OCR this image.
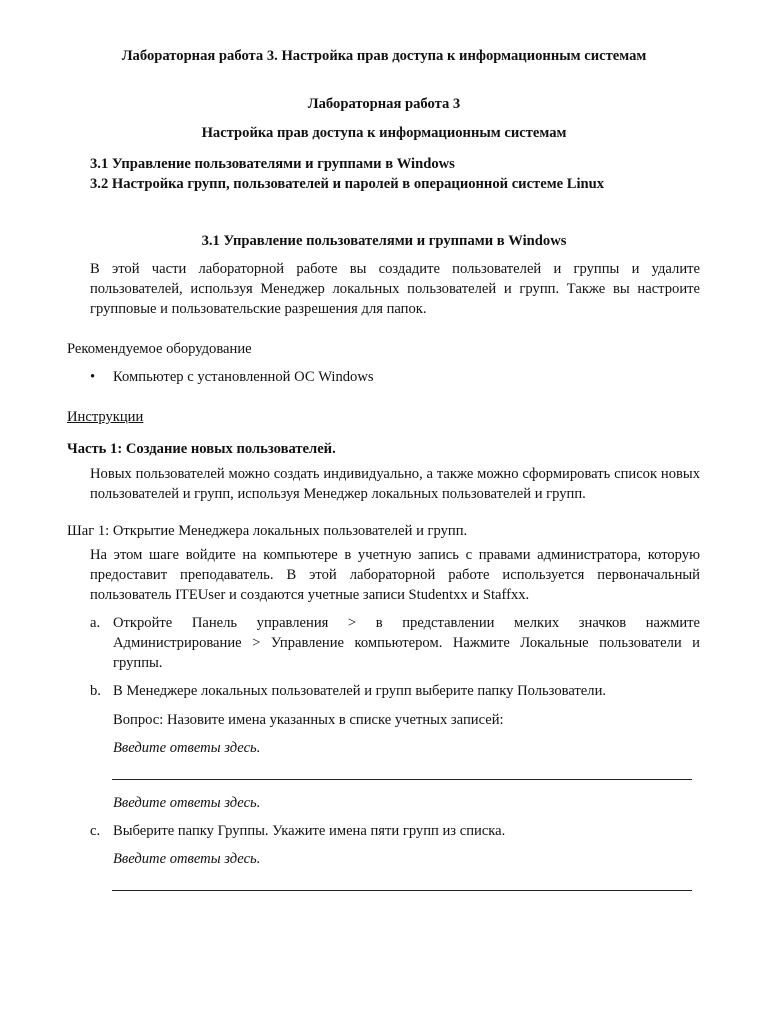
Лабораторная работа 3. Настройка прав доступа к информационным системам
Лабораторная работа 3
Настройка прав доступа к информационным системам
3.1 Управление пользователями и группами в Windows
3.2 Настройка групп, пользователей и паролей в операционной системе Linux
3.1 Управление пользователями и группами в Windows
В этой части лабораторной работе вы создадите пользователей и группы и удалите пользователей, используя Менеджер локальных пользователей и групп. Также вы настроите групповые и пользовательские разрешения для папок.
Рекомендуемое оборудование
• Компьютер с установленной ОС Windows
Инструкции
Часть 1: Создание новых пользователей.
Новых пользователей можно создать индивидуально, а также можно сформировать список новых пользователей и групп, используя Менеджер локальных пользователей и групп.
Шаг 1: Открытие Менеджера локальных пользователей и групп.
На этом шаге войдите на компьютере в учетную запись с правами администратора, которую предоставит преподаватель. В этой лабораторной работе используется первоначальный пользователь ITEUser и создаются учетные записи Studentxx и Staffxx.
a. Откройте Панель управления > в представлении мелких значков нажмите Администрирование > Управление компьютером. Нажмите Локальные пользователи и группы.
b. В Менеджере локальных пользователей и групп выберите папку Пользователи.
Вопрос: Назовите имена указанных в списке учетных записей:
Введите ответы здесь.
Введите ответы здесь.
c. Выберите папку Группы. Укажите имена пяти групп из списка.
Введите ответы здесь.
